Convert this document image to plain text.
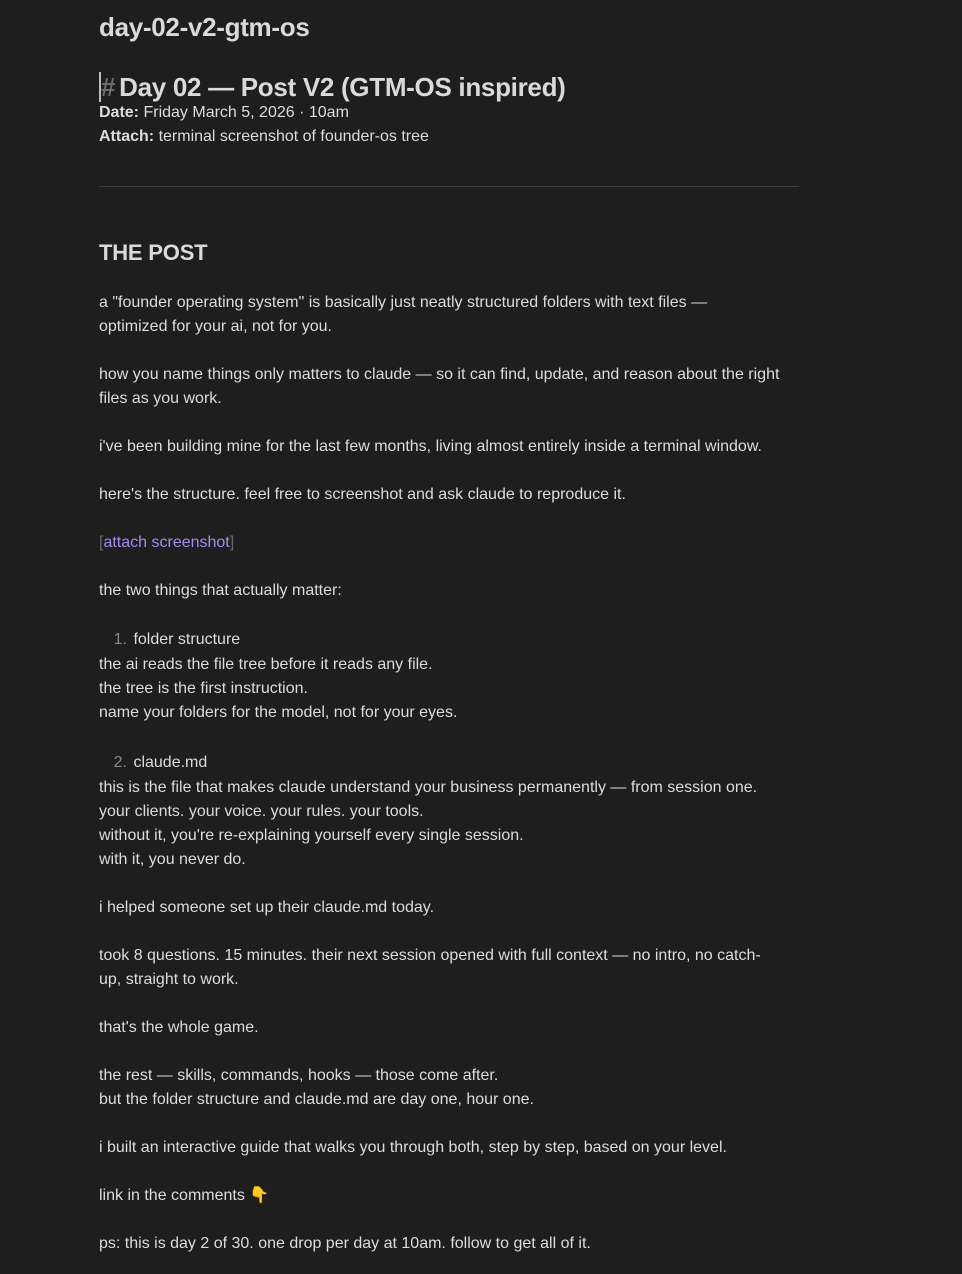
day-02-v2-gtm-os
# Day 02 — Post V2 (GTM-OS inspired)
Date: Friday March 5, 2026 · 10am
Attach: terminal screenshot of founder-os tree
THE POST
a "founder operating system" is basically just neatly structured folders with text files —
optimized for your ai, not for you.
how you name things only matters to claude — so it can find, update, and reason about the right
files as you work.
i've been building mine for the last few months, living almost entirely inside a terminal window.
here's the structure. feel free to screenshot and ask claude to reproduce it.
[attach screenshot]
the two things that actually matter:
1. folder structure
the ai reads the file tree before it reads any file.
the tree is the first instruction.
name your folders for the model, not for your eyes.
2. claude.md
this is the file that makes claude understand your business permanently — from session one.
your clients. your voice. your rules. your tools.
without it, you're re-explaining yourself every single session.
with it, you never do.
i helped someone set up their claude.md today.
took 8 questions. 15 minutes. their next session opened with full context — no intro, no catch-
up, straight to work.
that's the whole game.
the rest — skills, commands, hooks — those come after.
but the folder structure and claude.md are day one, hour one.
i built an interactive guide that walks you through both, step by step, based on your level.
link in the comments 👇
ps: this is day 2 of 30. one drop per day at 10am. follow to get all of it.
